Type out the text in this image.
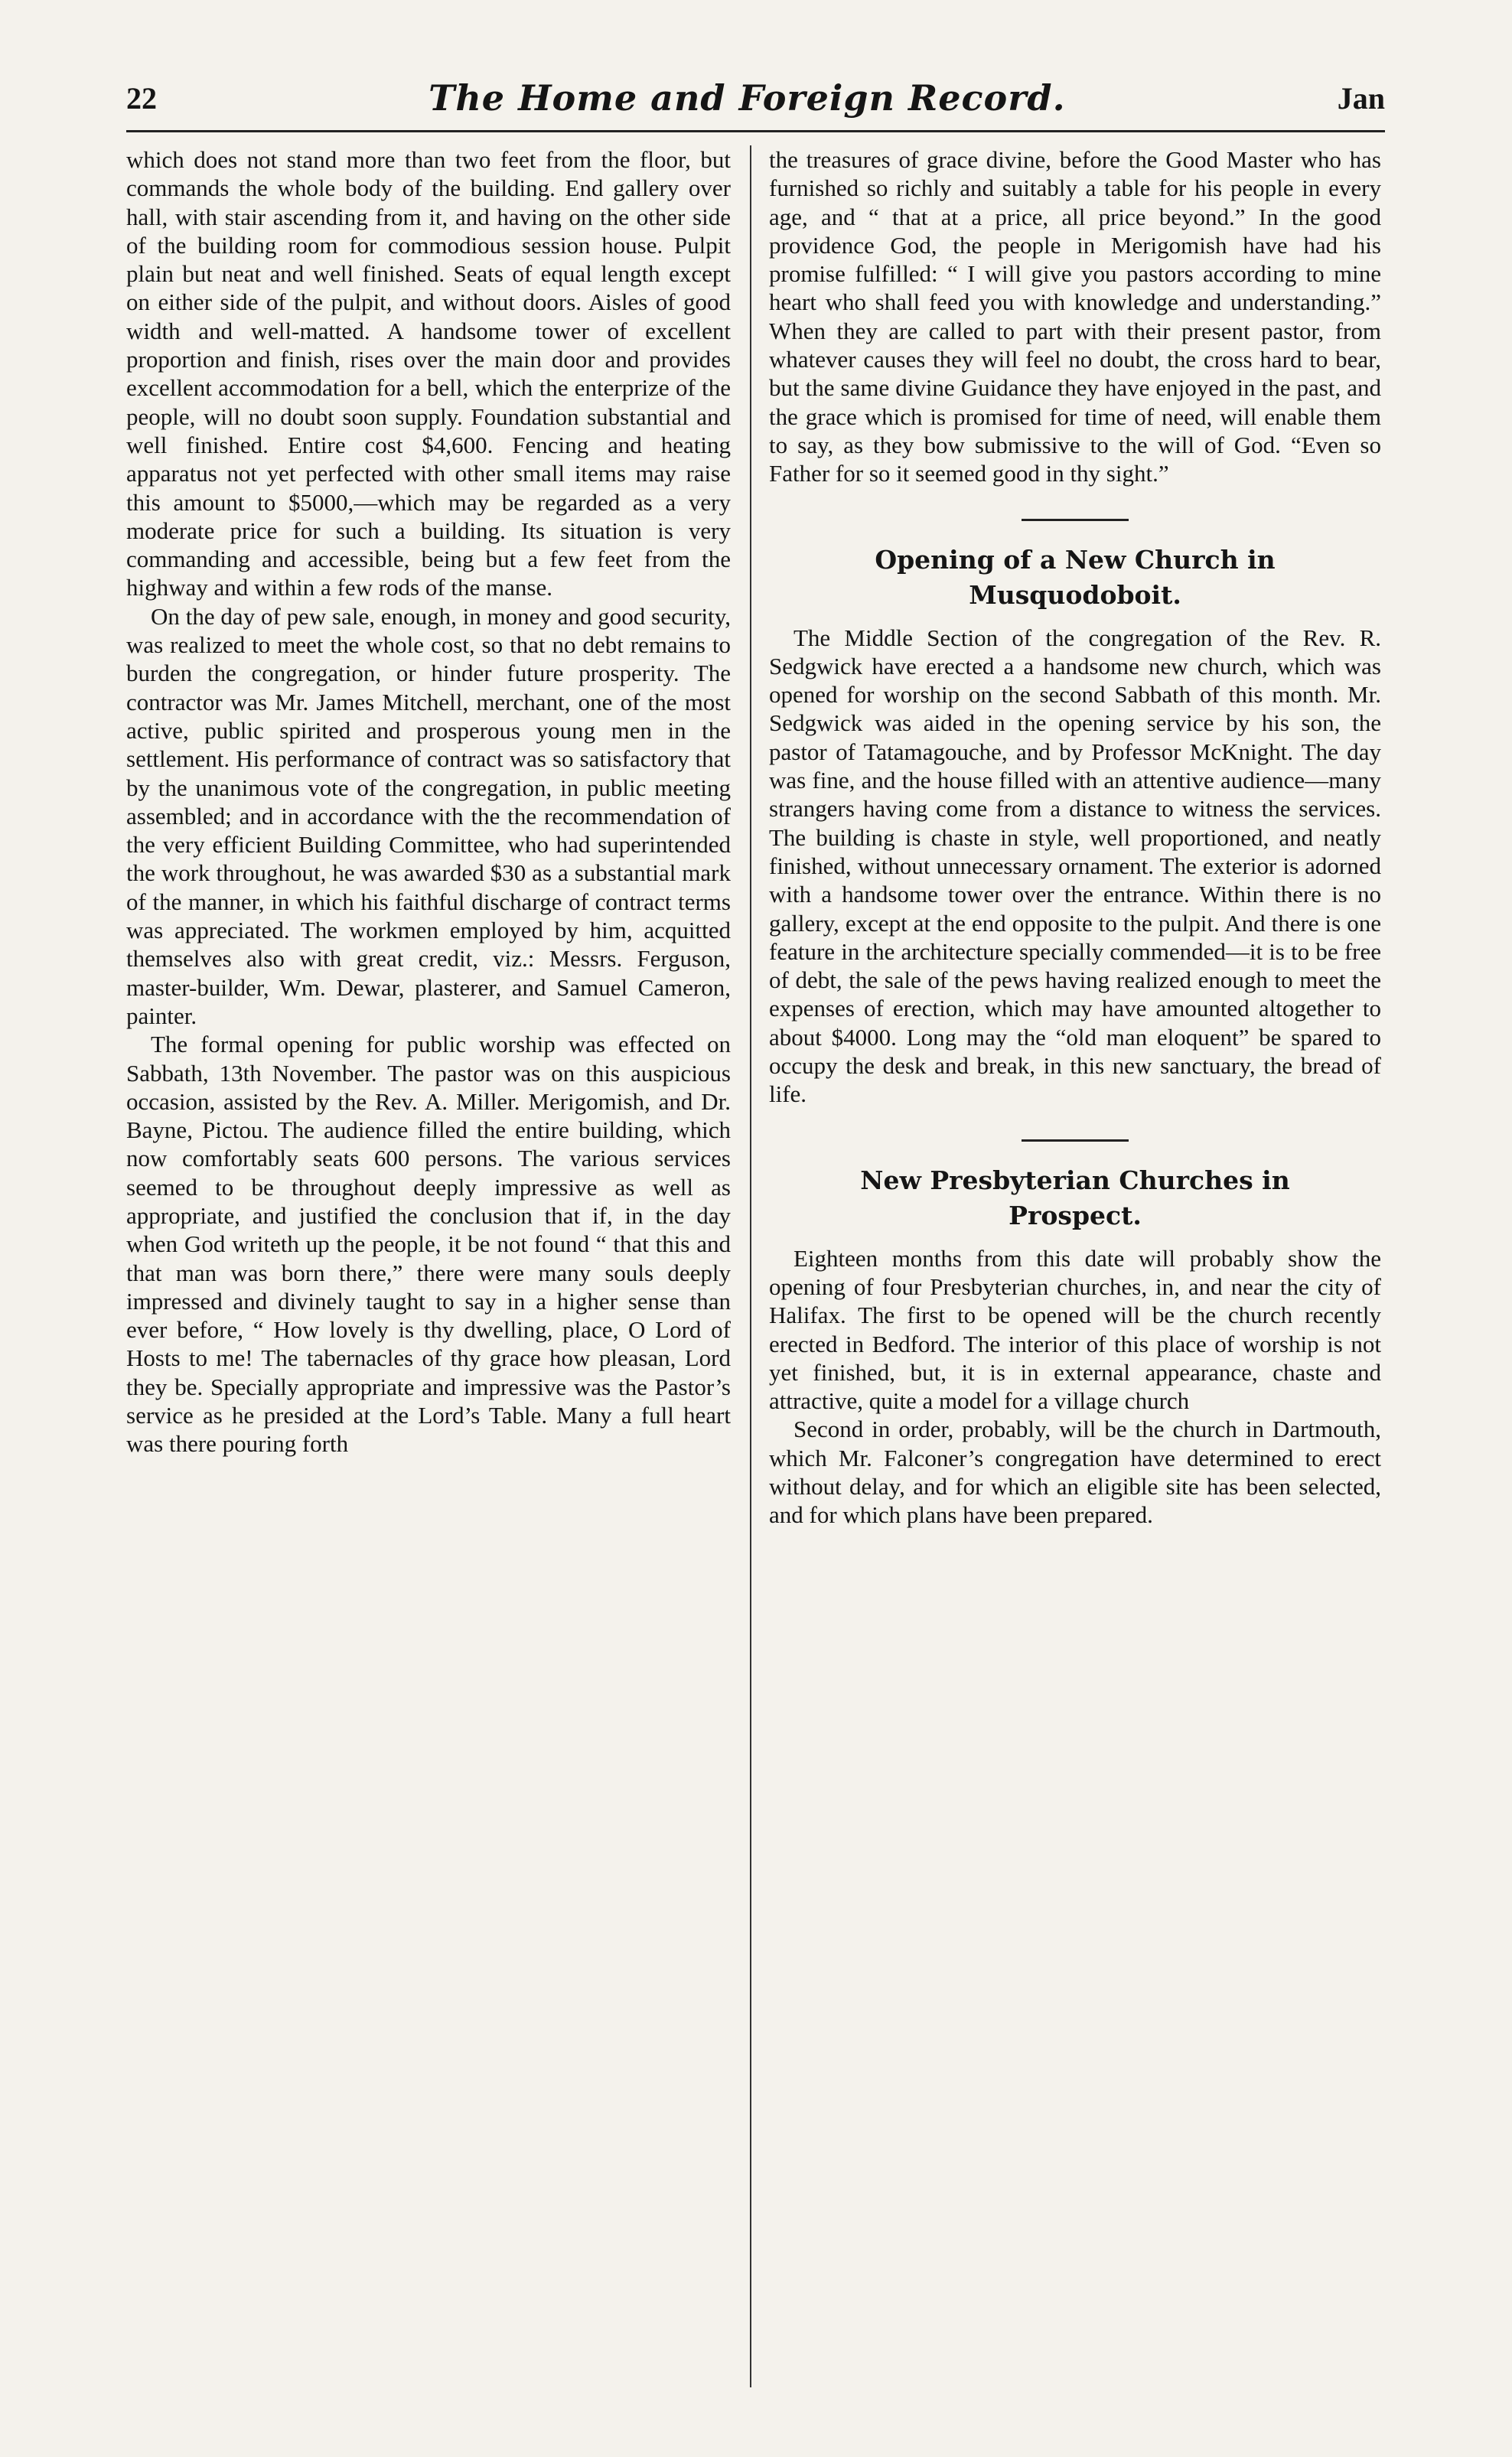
22	The Home and Foreign Record.	Jan

which does not stand more than two feet from the floor, but commands the whole body of the building. End gallery over hall, with stair ascending from it, and having on the other side of the building room for commodious session house. Pulpit plain but neat and well finished. Seats of equal length except on either side of the pulpit, and without doors. Aisles of good width and well-matted. A handsome tower of excellent proportion and finish, rises over the main door and provides excellent accommodation for a bell, which the enterprize of the people, will no doubt soon supply. Foundation substantial and well finished. Entire cost $4,600. Fencing and heating apparatus not yet perfected with other small items may raise this amount to $5000,—which may be regarded as a very moderate price for such a building. Its situation is very commanding and accessible, being but a few feet from the highway and within a few rods of the manse.

On the day of pew sale, enough, in money and good security, was realized to meet the whole cost, so that no debt remains to burden the congregation, or hinder future prosperity. The contractor was Mr. James Mitchell, merchant, one of the most active, public spirited and prosperous young men in the settlement. His performance of contract was so satisfactory that by the unanimous vote of the congregation, in public meeting assembled; and in accordance with the the recommendation of the very efficient Building Committee, who had superintended the work throughout, he was awarded $30 as a substantial mark of the manner, in which his faithful discharge of contract terms was appreciated. The workmen employed by him, acquitted themselves also with great credit, viz.: Messrs. Ferguson, master-builder, Wm. Dewar, plasterer, and Samuel Cameron, painter.

The formal opening for public worship was effected on Sabbath, 13th November. The pastor was on this auspicious occasion, assisted by the Rev. A. Miller. Merigomish, and Dr. Bayne, Pictou. The audience filled the entire building, which now comfortably seats 600 persons. The various services seemed to be throughout deeply impressive as well as appropriate, and justified the conclusion that if, in the day when God writeth up the people, it be not found “ that this and that man was born there,” there were many souls deeply impressed and divinely taught to say in a higher sense than ever before, “ How lovely is thy dwelling, place, O Lord of Hosts to me! The tabernacles of thy grace how pleasan, Lord they be. Specially appropriate and impressive was the Pastor’s service as he presided at the Lord’s Table. Many a full heart was there pouring forth

the treasures of grace divine, before the Good Master who has furnished so richly and suitably a table for his people in every age, and “ that at a price, all price beyond.” In the good providence God, the people in Merigomish have had his promise fulfilled: “ I will give you pastors according to mine heart who shall feed you with knowledge and understanding.” When they are called to part with their present pastor, from whatever causes they will feel no doubt, the cross hard to bear, but the same divine Guidance they have enjoyed in the past, and the grace which is promised for time of need, will enable them to say, as they bow submissive to the will of God. “Even so Father for so it seemed good in thy sight.”

Opening of a New Church in Musquodoboit.

The Middle Section of the congregation of the Rev. R. Sedgwick have erected a a handsome new church, which was opened for worship on the second Sabbath of this month. Mr. Sedgwick was aided in the opening service by his son, the pastor of Tatamagouche, and by Professor McKnight. The day was fine, and the house filled with an attentive audience—many strangers having come from a distance to witness the services. The building is chaste in style, well proportioned, and neatly finished, without unnecessary ornament. The exterior is adorned with a handsome tower over the entrance. Within there is no gallery, except at the end opposite to the pulpit. And there is one feature in the architecture specially commended—it is to be free of debt, the sale of the pews having realized enough to meet the expenses of erection, which may have amounted altogether to about $4000. Long may the “old man eloquent” be spared to occupy the desk and break, in this new sanctuary, the bread of life.

New Presbyterian Churches in Prospect.

Eighteen months from this date will probably show the opening of four Presbyterian churches, in, and near the city of Halifax. The first to be opened will be the church recently erected in Bedford. The interior of this place of worship is not yet finished, but, it is in external appearance, chaste and attractive, quite a model for a village church

Second in order, probably, will be the church in Dartmouth, which Mr. Falconer’s congregation have determined to erect without delay, and for which an eligible site has been selected, and for which plans have been prepared.
